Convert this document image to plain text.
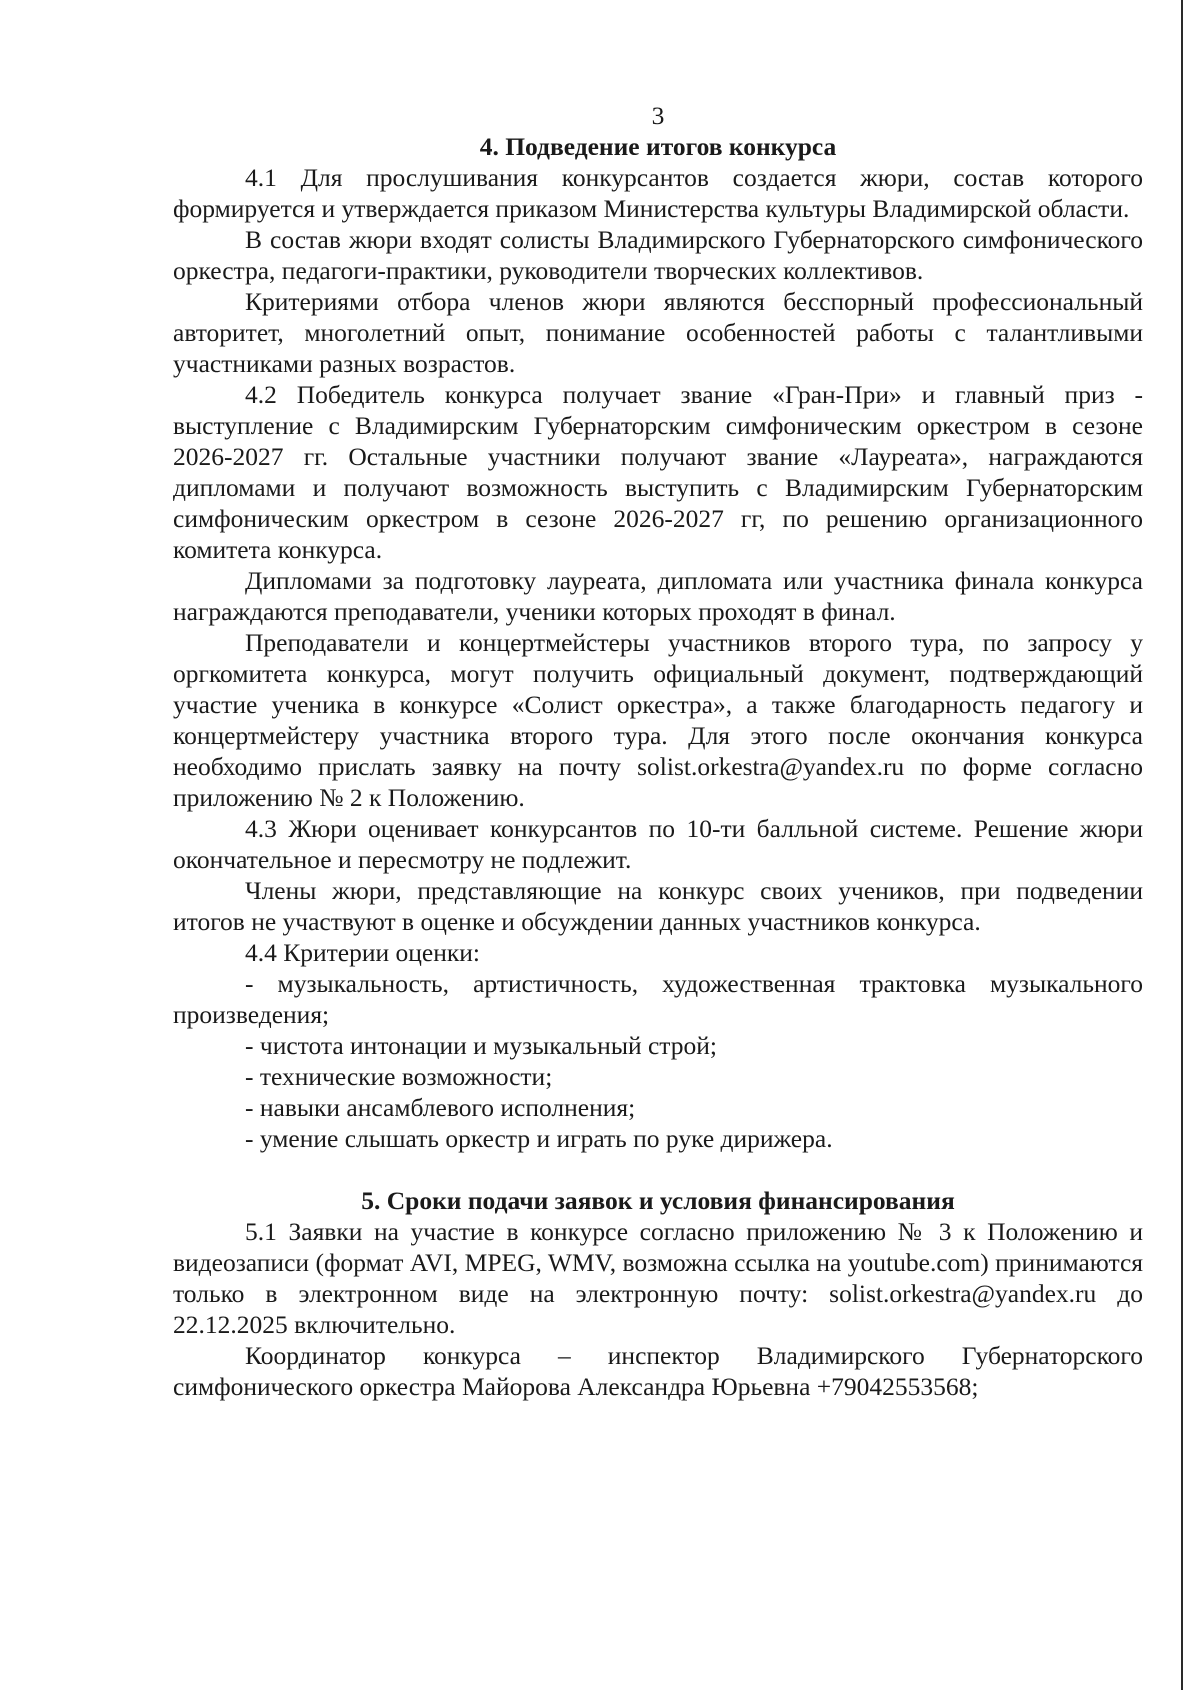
3
4. Подведение итогов конкурса

4.1 Для прослушивания конкурсантов создается жюри, состав которого формируется и утверждается приказом Министерства культуры Владимирской области.

В состав жюри входят солисты Владимирского Губернаторского симфонического оркестра, педагоги-практики, руководители творческих коллективов.

Критериями отбора членов жюри являются бесспорный профессиональный авторитет, многолетний опыт, понимание особенностей работы с талантливыми участниками разных возрастов.

4.2 Победитель конкурса получает звание «Гран-При» и главный приз - выступление с Владимирским Губернаторским симфоническим оркестром в сезоне 2026-2027 гг. Остальные участники получают звание «Лауреата», награждаются дипломами и получают возможность выступить с Владимирским Губернаторским симфоническим оркестром в сезоне 2026-2027 гг, по решению организационного комитета конкурса.

Дипломами за подготовку лауреата, дипломата или участника финала конкурса награждаются преподаватели, ученики которых проходят в финал.

Преподаватели и концертмейстеры участников второго тура, по запросу у оргкомитета конкурса, могут получить официальный документ, подтверждающий участие ученика в конкурсе «Солист оркестра», а также благодарность педагогу и концертмейстеру участника второго тура. Для этого после окончания конкурса необходимо прислать заявку на почту solist.orkestra@yandex.ru по форме согласно приложению № 2 к Положению.

4.3 Жюри оценивает конкурсантов по 10-ти балльной системе. Решение жюри окончательное и пересмотру не подлежит.

Члены жюри, представляющие на конкурс своих учеников, при подведении итогов не участвуют в оценке и обсуждении данных участников конкурса.

4.4 Критерии оценки:

- музыкальность, артистичность, художественная трактовка музыкального произведения;

- чистота интонации и музыкальный строй;

- технические возможности;

- навыки ансамблевого исполнения;

- умение слышать оркестр и играть по руке дирижера.

5. Сроки подачи заявок и условия финансирования

5.1 Заявки на участие в конкурсе согласно приложению № 3 к Положению и видеозаписи (формат AVI, MPEG, WMV, возможна ссылка на youtube.com) принимаются только в электронном виде на электронную почту: solist.orkestra@yandex.ru до 22.12.2025 включительно.

Координатор конкурса – инспектор Владимирского Губернаторского симфонического оркестра Майорова Александра Юрьевна +79042553568;
